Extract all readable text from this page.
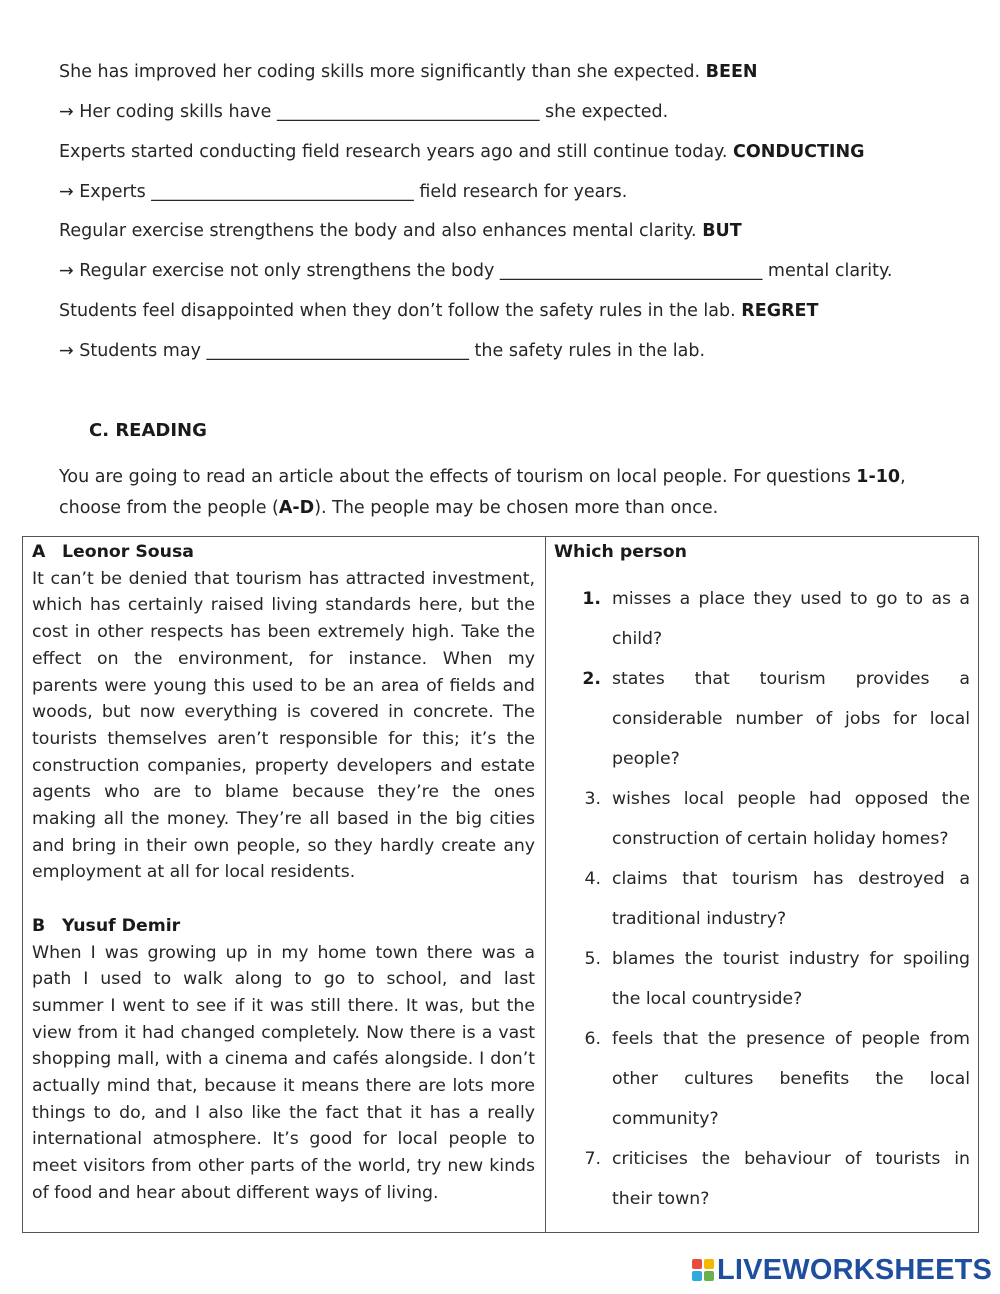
She has improved her coding skills more significantly than she expected. BEEN
→ Her coding skills have ______________________________ she expected.
Experts started conducting field research years ago and still continue today. CONDUCTING
→ Experts ______________________________ field research for years.
Regular exercise strengthens the body and also enhances mental clarity. BUT
→ Regular exercise not only strengthens the body ______________________________ mental clarity.
Students feel disappointed when they don’t follow the safety rules in the lab. REGRET
→ Students may ______________________________ the safety rules in the lab.
C. READING
You are going to read an article about the effects of tourism on local people. For questions 1-10, choose from the people (A-D). The people may be chosen more than once.
A Leonor Sousa

It can’t be denied that tourism has attracted investment, which has certainly raised living standards here, but the cost in other respects has been extremely high. Take the effect on the environment, for instance. When my parents were young this used to be an area of fields and woods, but now everything is covered in concrete. The tourists themselves aren’t responsible for this; it’s the construction companies, property developers and estate agents who are to blame because they’re the ones making all the money. They’re all based in the big cities and bring in their own people, so they hardly create any employment at all for local residents.

B Yusuf Demir

When I was growing up in my home town there was a path I used to walk along to go to school, and last summer I went to see if it was still there. It was, but the view from it had changed completely. Now there is a vast shopping mall, with a cinema and cafés alongside. I don’t actually mind that, because it means there are lots more things to do, and I also like the fact that it has a really international atmosphere. It’s good for local people to meet visitors from other parts of the world, try new kinds of food and hear about different ways of living.

Which person
1. misses a place they used to go to as a child?
2. states that tourism provides a considerable number of jobs for local people?
3. wishes local people had opposed the construction of certain holiday homes?
4. claims that tourism has destroyed a traditional industry?
5. blames the tourist industry for spoiling the local countryside?
6. feels that the presence of people from other cultures benefits the local community?
7. criticises the behaviour of tourists in their town?
LIVEWORKSHEETS
